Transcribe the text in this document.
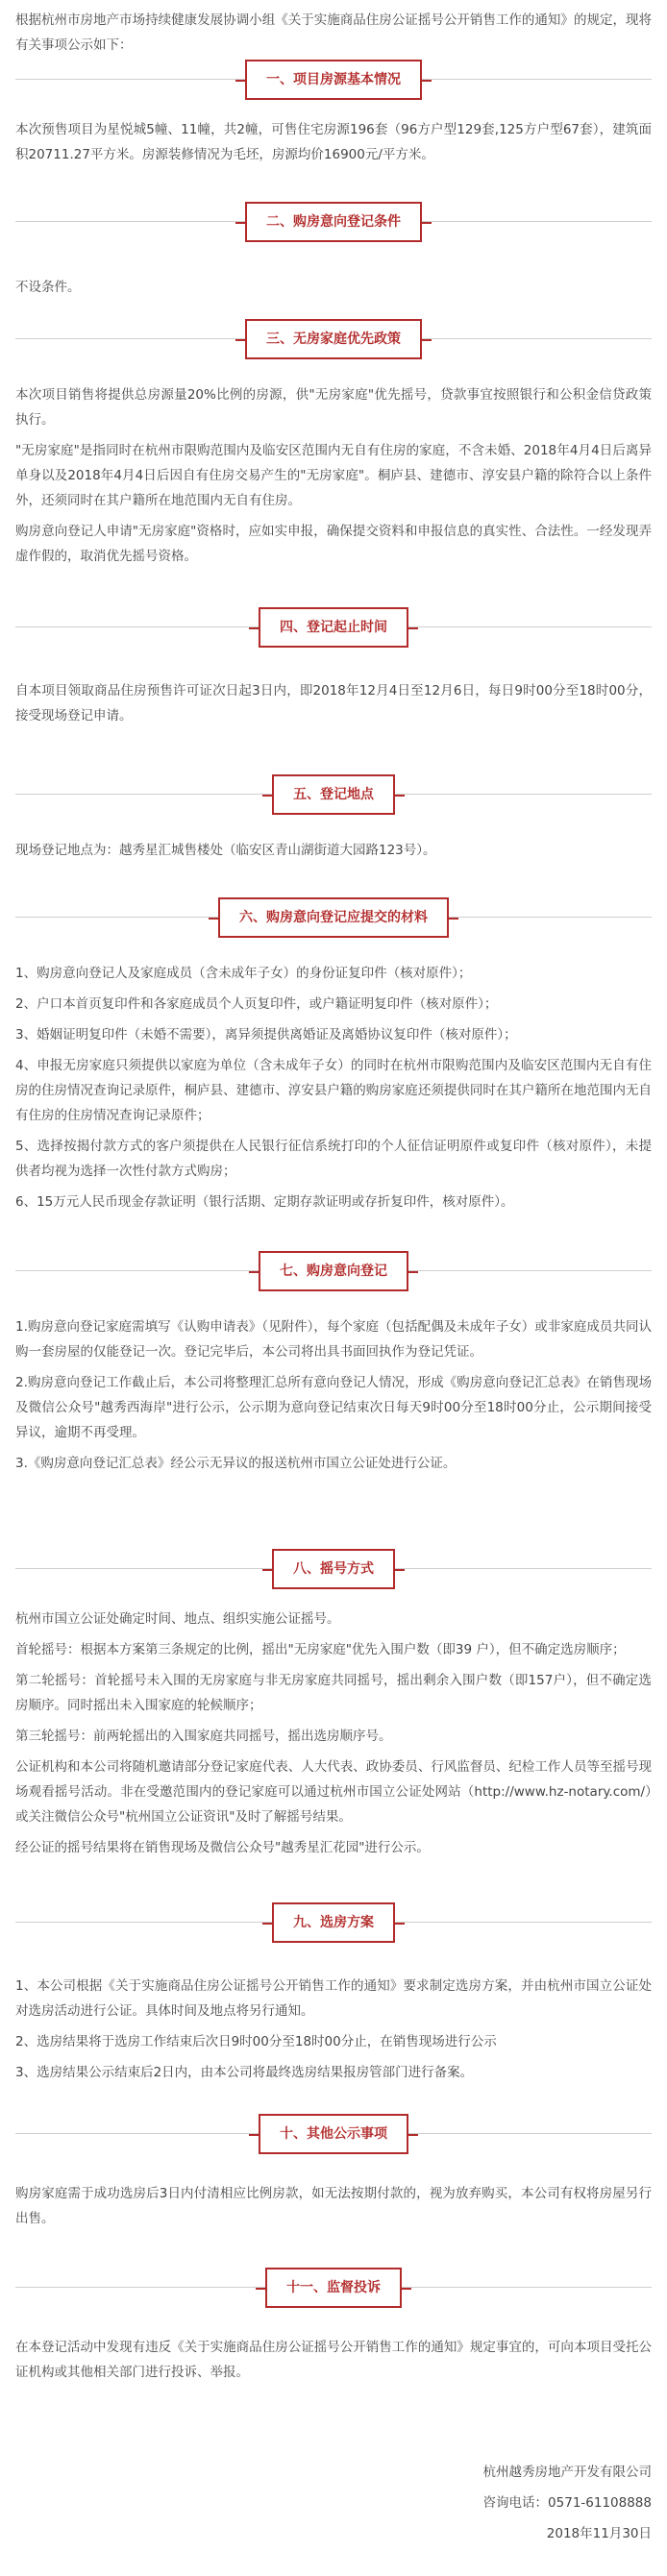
根据杭州市房地产市场持续健康发展协调小组《关于实施商品住房公证摇号公开销售工作的通知》的规定，现将有关事项公示如下：

一、项目房源基本情况

本次预售项目为星悦城5幢、11幢，共2幢，可售住宅房源196套（96方户型129套,125方户型67套），建筑面积20711.27平方米。房源装修情况为毛坯，房源均价16900元/平方米。

二、购房意向登记条件

不设条件。

三、无房家庭优先政策

本次项目销售将提供总房源量20%比例的房源，供"无房家庭"优先摇号，贷款事宜按照银行和公积金信贷政策执行。

"无房家庭"是指同时在杭州市限购范围内及临安区范围内无自有住房的家庭，不含未婚、2018年4月4日后离异单身以及2018年4月4日后因自有住房交易产生的"无房家庭"。桐庐县、建德市、淳安县户籍的除符合以上条件外，还须同时在其户籍所在地范围内无自有住房。

购房意向登记人申请"无房家庭"资格时，应如实申报，确保提交资料和申报信息的真实性、合法性。一经发现弄虚作假的，取消优先摇号资格。

四、登记起止时间

自本项目领取商品住房预售许可证次日起3日内，即2018年12月4日至12月6日，每日9时00分至18时00分，接受现场登记申请。

五、登记地点

现场登记地点为：越秀星汇城售楼处（临安区青山湖街道大园路123号）。

六、购房意向登记应提交的材料

1、购房意向登记人及家庭成员（含未成年子女）的身份证复印件（核对原件）；

2、户口本首页复印件和各家庭成员个人页复印件，或户籍证明复印件（核对原件）；

3、婚姻证明复印件（未婚不需要），离异须提供离婚证及离婚协议复印件（核对原件）；

4、申报无房家庭只须提供以家庭为单位（含未成年子女）的同时在杭州市限购范围内及临安区范围内无自有住房的住房情况查询记录原件，桐庐县、建德市、淳安县户籍的购房家庭还须提供同时在其户籍所在地范围内无自有住房的住房情况查询记录原件；

5、选择按揭付款方式的客户须提供在人民银行征信系统打印的个人征信证明原件或复印件（核对原件），未提供者均视为选择一次性付款方式购房；

6、15万元人民币现金存款证明（银行活期、定期存款证明或存折复印件，核对原件）。

七、购房意向登记

1.购房意向登记家庭需填写《认购申请表》（见附件），每个家庭（包括配偶及未成年子女）或非家庭成员共同认购一套房屋的仅能登记一次。登记完毕后，本公司将出具书面回执作为登记凭证。

2.购房意向登记工作截止后，本公司将整理汇总所有意向登记人情况，形成《购房意向登记汇总表》在销售现场及微信公众号"越秀西海岸"进行公示，公示期为意向登记结束次日每天9时00分至18时00分止，公示期间接受异议，逾期不再受理。

3.《购房意向登记汇总表》经公示无异议的报送杭州市国立公证处进行公证。

八、摇号方式

杭州市国立公证处确定时间、地点、组织实施公证摇号。

首轮摇号：根据本方案第三条规定的比例，摇出"无房家庭"优先入围户数（即39 户），但不确定选房顺序；

第二轮摇号：首轮摇号未入围的无房家庭与非无房家庭共同摇号，摇出剩余入围户数（即157户），但不确定选房顺序。同时摇出未入围家庭的轮候顺序；

第三轮摇号：前两轮摇出的入围家庭共同摇号，摇出选房顺序号。

公证机构和本公司将随机邀请部分登记家庭代表、人大代表、政协委员、行风监督员、纪检工作人员等至摇号现场观看摇号活动。非在受邀范围内的登记家庭可以通过杭州市国立公证处网站（http://www.hz-notary.com/）或关注微信公众号"杭州国立公证资讯"及时了解摇号结果。

经公证的摇号结果将在销售现场及微信公众号"越秀星汇花园"进行公示。

九、选房方案

1、本公司根据《关于实施商品住房公证摇号公开销售工作的通知》要求制定选房方案，并由杭州市国立公证处对选房活动进行公证。具体时间及地点将另行通知。

2、选房结果将于选房工作结束后次日9时00分至18时00分止，在销售现场进行公示

3、选房结果公示结束后2日内，由本公司将最终选房结果报房管部门进行备案。

十、其他公示事项

购房家庭需于成功选房后3日内付清相应比例房款，如无法按期付款的，视为放弃购买，本公司有权将房屋另行出售。

十一、监督投诉

在本登记活动中发现有违反《关于实施商品住房公证摇号公开销售工作的通知》规定事宜的，可向本项目受托公证机构或其他相关部门进行投诉、举报。

杭州越秀房地产开发有限公司

咨询电话：0571-61108888

2018年11月30日
